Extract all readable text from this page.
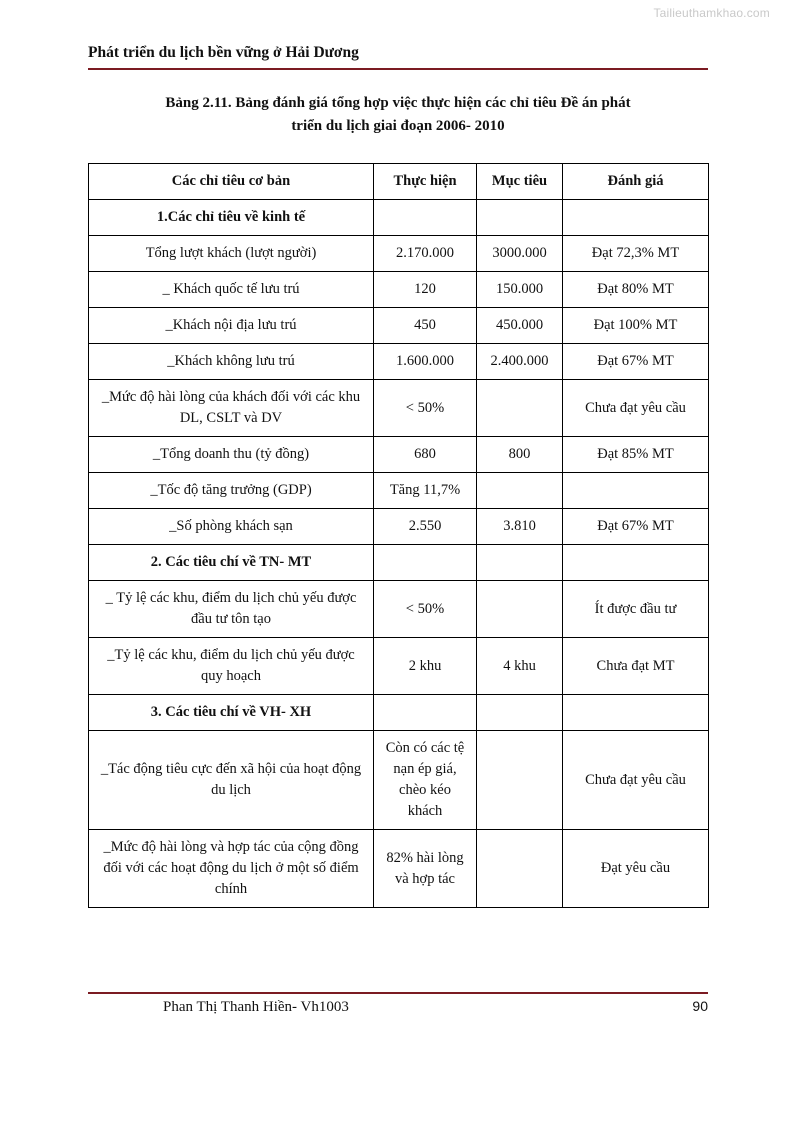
Tailieuthamkhao.com
Phát triển du lịch bền vững ở Hải Dương
Bảng 2.11. Bảng đánh giá tổng hợp việc thực hiện các chỉ tiêu Đề án phát
triển du lịch giai đoạn 2006- 2010
Các chỉ tiêu cơ bản	Thực hiện	Mục tiêu	Đánh giá
1.Các chỉ tiêu về kinh tế			
Tổng lượt khách (lượt người)	2.170.000	3000.000	Đạt 72,3% MT
_ Khách quốc tế lưu trú	120	150.000	Đạt 80% MT
_Khách nội địa lưu trú	450	450.000	Đạt 100% MT
_Khách không lưu trú	1.600.000	2.400.000	Đạt 67% MT
_Mức độ hài lòng của khách đối với các khu DL, CSLT và DV	< 50%		Chưa đạt yêu cầu
_Tổng doanh thu (tỷ đồng)	680	800	Đạt 85% MT
_Tốc độ tăng trưởng (GDP)	Tăng 11,7%		
_Số phòng khách sạn	2.550	3.810	Đạt 67% MT
2. Các tiêu chí về TN- MT			
_ Tỷ lệ các khu, điểm du lịch chủ yếu được đầu tư tôn tạo	< 50%		Ít được đầu tư
_Tỷ lệ các khu, điểm du lịch chủ yếu được quy hoạch	2 khu	4 khu	Chưa đạt MT
3. Các tiêu chí về VH- XH			
_Tác động tiêu cực đến xã hội của hoạt động du lịch	Còn có các tệ nạn ép giá, chèo kéo khách		Chưa đạt yêu cầu
_Mức độ hài lòng và hợp tác của cộng đồng đối với các hoạt động du lịch ở một số điểm chính	82% hài lòng và hợp tác		Đạt yêu cầu
Phan Thị Thanh Hiền- Vh1003	90
